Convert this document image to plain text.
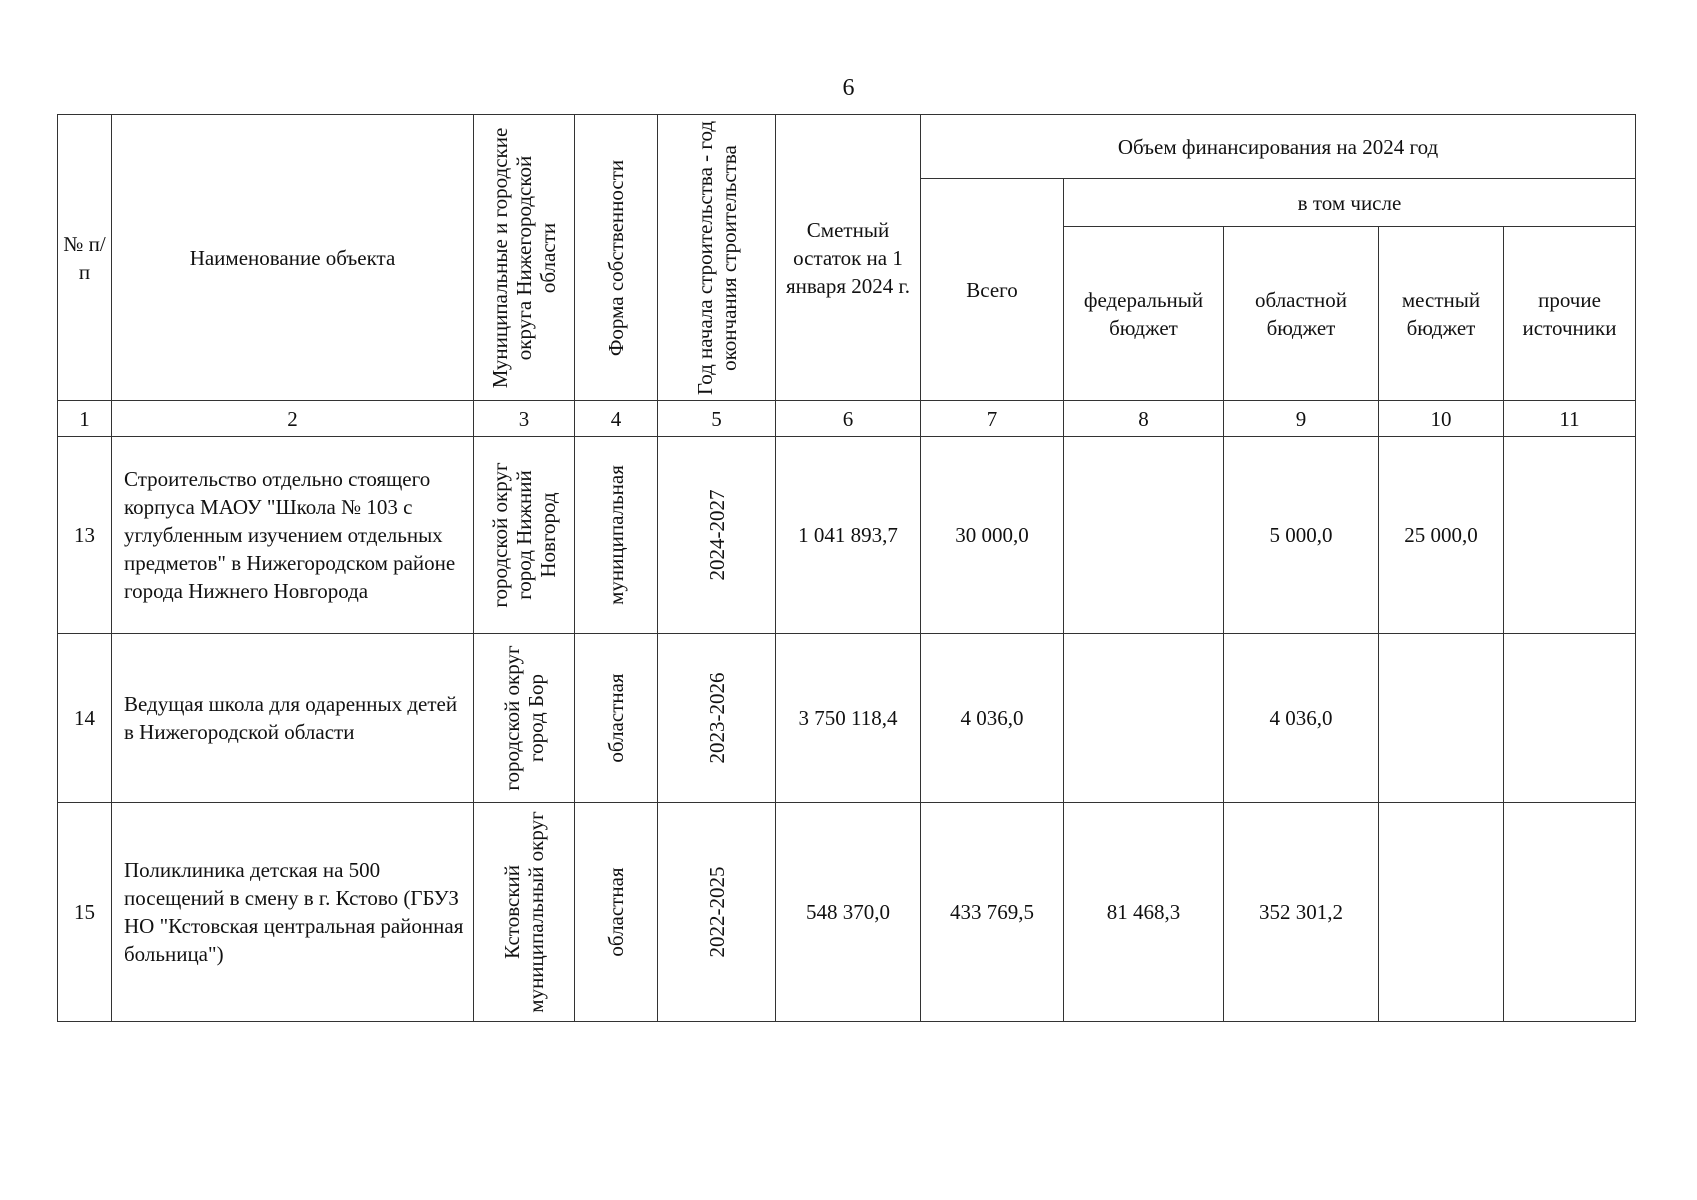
6
№ п/п	Наименование объекта	Муниципальные и городские округа Нижегородской области	Форма собственности	Год начала строительства - год окончания строительства	Сметный остаток на 1 января 2024 г.	Объем финансирования на 2024 год				
						Всего	в том числе			

							федеральный бюджет	областной бюджет	местный бюджет	прочие источники

1	2	3	4	5	6	7	8	9	10	11
13	Строительство отдельно стоящего корпуса МАОУ "Школа № 103 с углубленным изучением отдельных предметов" в Нижегородском районе города Нижнего Новгорода	городской округ город Нижний Новгород	муниципальная	2024-2027	1 041 893,7	30 000,0		5 000,0	25 000,0	
14	Ведущая школа для одаренных детей в Нижегородской области	городской округ город Бор	областная	2023-2026	3 750 118,4	4 036,0		4 036,0		
15	Поликлиника детская на 500 посещений в смену в г. Кстово (ГБУЗ НО "Кстовская центральная районная больница")	Кстовский муниципальный округ	областная	2022-2025	548 370,0	433 769,5	81 468,3	352 301,2		
